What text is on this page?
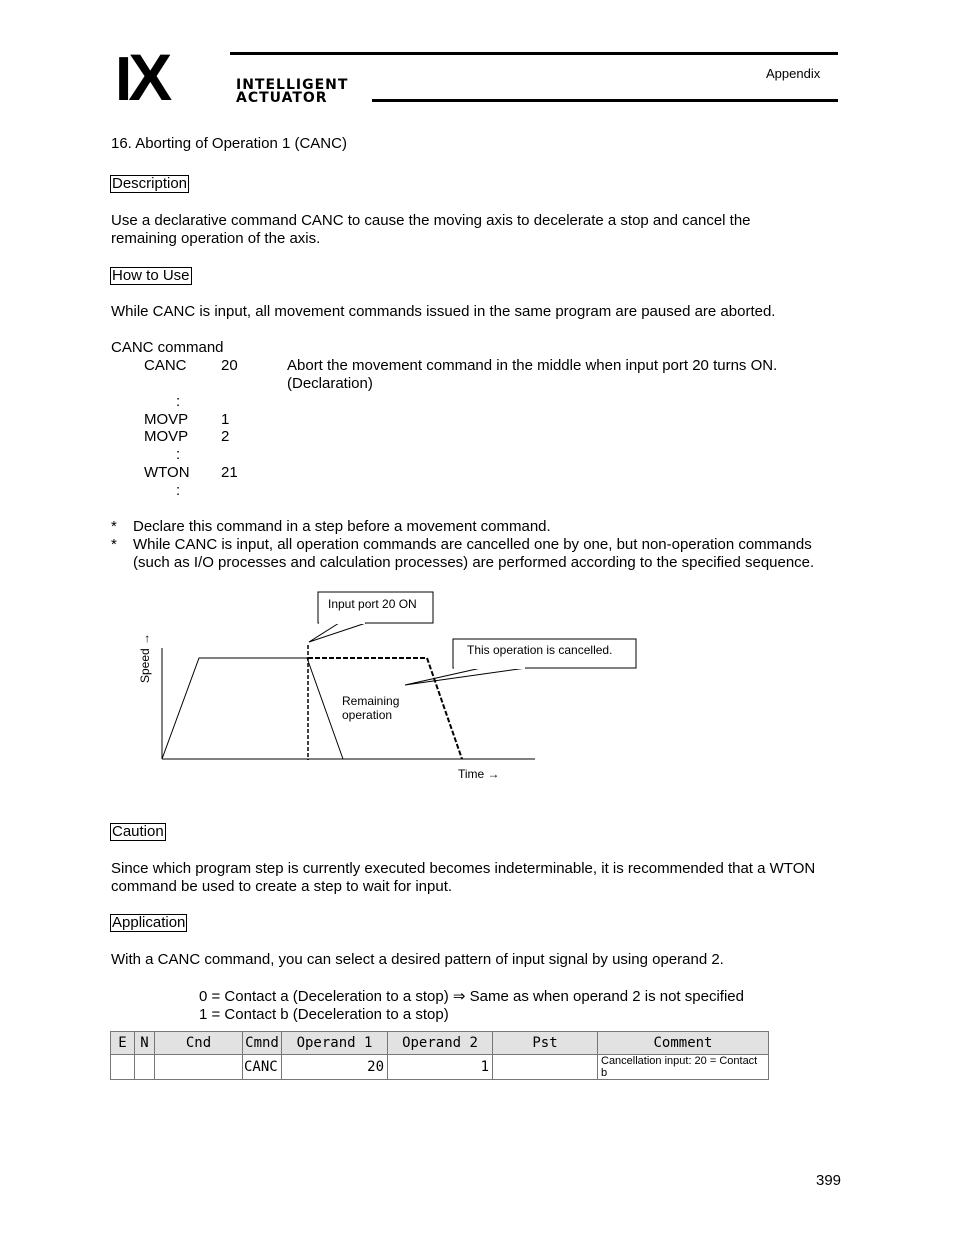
IX	INTELLIGENT
ACTUATOR
Appendix
16. Aborting of Operation 1 (CANC)
Description
Use a declarative command CANC to cause the moving axis to decelerate a stop and cancel the
remaining operation of the axis.
How to Use
While CANC is input, all movement commands issued in the same program are paused are aborted.
CANC command
CANC 20	Abort the movement command in the middle when input port 20 turns ON.
(Declaration)
:
MOVP 1
MOVP 2
:
WTON 21
:
* Declare this command in a step before a movement command.
* While CANC is input, all operation commands are cancelled one by one, but non-operation commands
(such as I/O processes and calculation processes) are performed according to the specified sequence.
Input port 20 ON
This operation is cancelled.
Remaining
operation
Time →
Speed →
Caution
Since which program step is currently executed becomes indeterminable, it is recommended that a WTON
command be used to create a step to wait for input.
Application
With a CANC command, you can select a desired pattern of input signal by using operand 2.
0 = Contact a (Deceleration to a stop) ⇒ Same as when operand 2 is not specified
1 = Contact b (Deceleration to a stop)
E	N	Cnd	Cmnd	Operand 1	Operand 2	Pst	Comment
			CANC	20	1		Cancellation input: 20 = Contact b
399
